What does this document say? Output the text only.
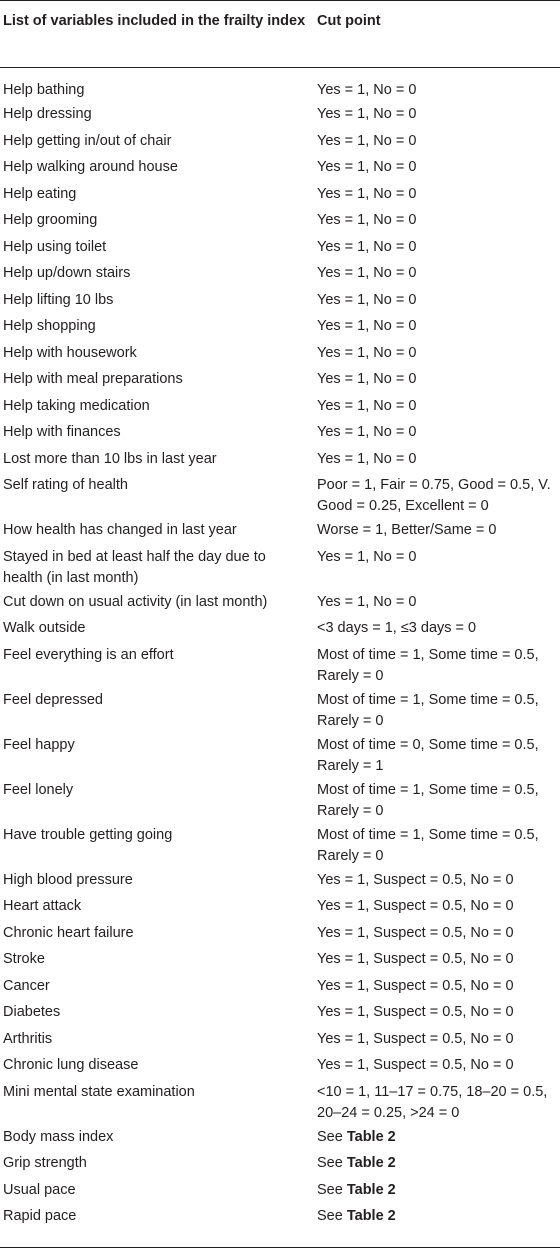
List of variables included in the frailty index	Cut point
Help bathing	Yes = 1, No = 0
Help dressing	Yes = 1, No = 0
Help getting in/out of chair	Yes = 1, No = 0
Help walking around house	Yes = 1, No = 0
Help eating	Yes = 1, No = 0
Help grooming	Yes = 1, No = 0
Help using toilet	Yes = 1, No = 0
Help up/down stairs	Yes = 1, No = 0
Help lifting 10 lbs	Yes = 1, No = 0
Help shopping	Yes = 1, No = 0
Help with housework	Yes = 1, No = 0
Help with meal preparations	Yes = 1, No = 0
Help taking medication	Yes = 1, No = 0
Help with finances	Yes = 1, No = 0
Lost more than 10 lbs in last year	Yes = 1, No = 0
Self rating of health	Poor = 1, Fair = 0.75, Good = 0.5, V. Good = 0.25, Excellent = 0
How health has changed in last year	Worse = 1, Better/Same = 0
Stayed in bed at least half the day due to health (in last month)	Yes = 1, No = 0
Cut down on usual activity (in last month)	Yes = 1, No = 0
Walk outside	<3 days = 1, ≤3 days = 0
Feel everything is an effort	Most of time = 1, Some time = 0.5, Rarely = 0
Feel depressed	Most of time = 1, Some time = 0.5, Rarely = 0
Feel happy	Most of time = 0, Some time = 0.5, Rarely = 1
Feel lonely	Most of time = 1, Some time = 0.5, Rarely = 0
Have trouble getting going	Most of time = 1, Some time = 0.5, Rarely = 0
High blood pressure	Yes = 1, Suspect = 0.5, No = 0
Heart attack	Yes = 1, Suspect = 0.5, No = 0
Chronic heart failure	Yes = 1, Suspect = 0.5, No = 0
Stroke	Yes = 1, Suspect = 0.5, No = 0
Cancer	Yes = 1, Suspect = 0.5, No = 0
Diabetes	Yes = 1, Suspect = 0.5, No = 0
Arthritis	Yes = 1, Suspect = 0.5, No = 0
Chronic lung disease	Yes = 1, Suspect = 0.5, No = 0
Mini mental state examination	<10 = 1, 11–17 = 0.75, 18–20 = 0.5, 20–24 = 0.25, >24 = 0
Body mass index	See Table 2
Grip strength	See Table 2
Usual pace	See Table 2
Rapid pace	See Table 2
